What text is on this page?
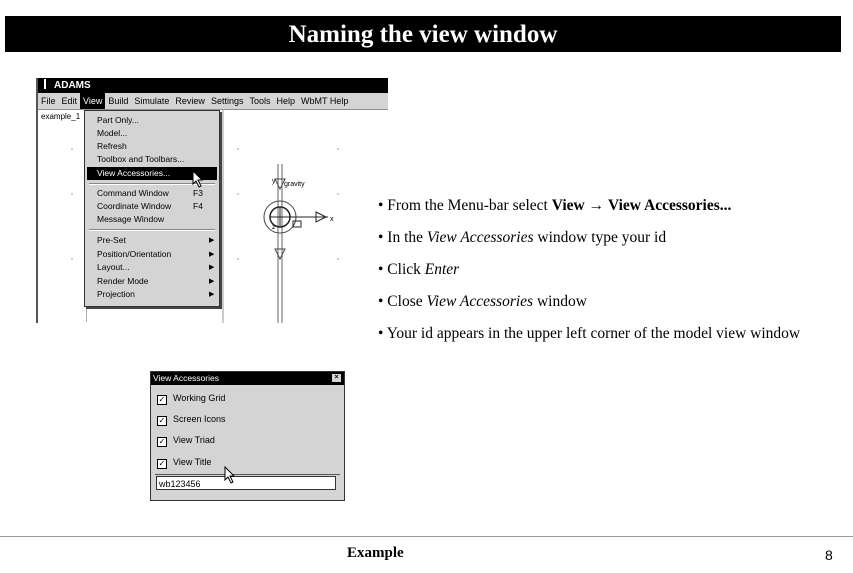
Naming the view window
ADAMS
File Edit View Build Simulate Review Settings Tools Help WbMT Help
example_1
y gravity
x
z
Part Only...
Model...
Refresh
Toolbox and Toolbars...
View Accessories...
Command Window	F3
Coordinate Window	F4
Message Window
Pre-Set	▶
Position/Orientation	▶
Layout...	▶
Render Mode	▶
Projection	▶
• From the Menu-bar select View → View Accessories...
• In the View Accessories window type your id
• Click Enter
• Close View Accessories window
• Your id appears in the upper left corner of the model view window
View Accessories	×
✓ Working Grid
✓ Screen Icons
✓ View Triad
✓ View Title
wb123456
Example	8
